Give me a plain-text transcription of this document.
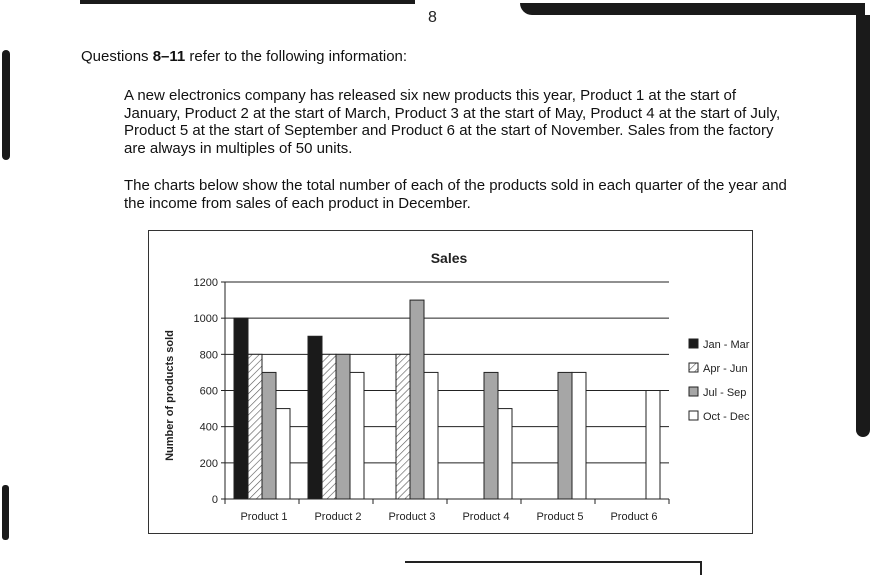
8
Questions 8–11 refer to the following information:

A new electronics company has released six new products this year, Product 1 at the start of January, Product 2 at the start of March, Product 3 at the start of May, Product 4 at the start of July, Product 5 at the start of September and Product 6 at the start of November. Sales from the factory are always in multiples of 50 units.

The charts below show the total number of each of the products sold in each quarter of the year and the income from sales of each product in December.

Sales
Number of products sold
0
200
400
600
800
1000
1200
Product 1 Product 2 Product 3 Product 4 Product 5 Product 6
Jan - Mar
Apr - Jun
Jul - Sep
Oct - Dec
